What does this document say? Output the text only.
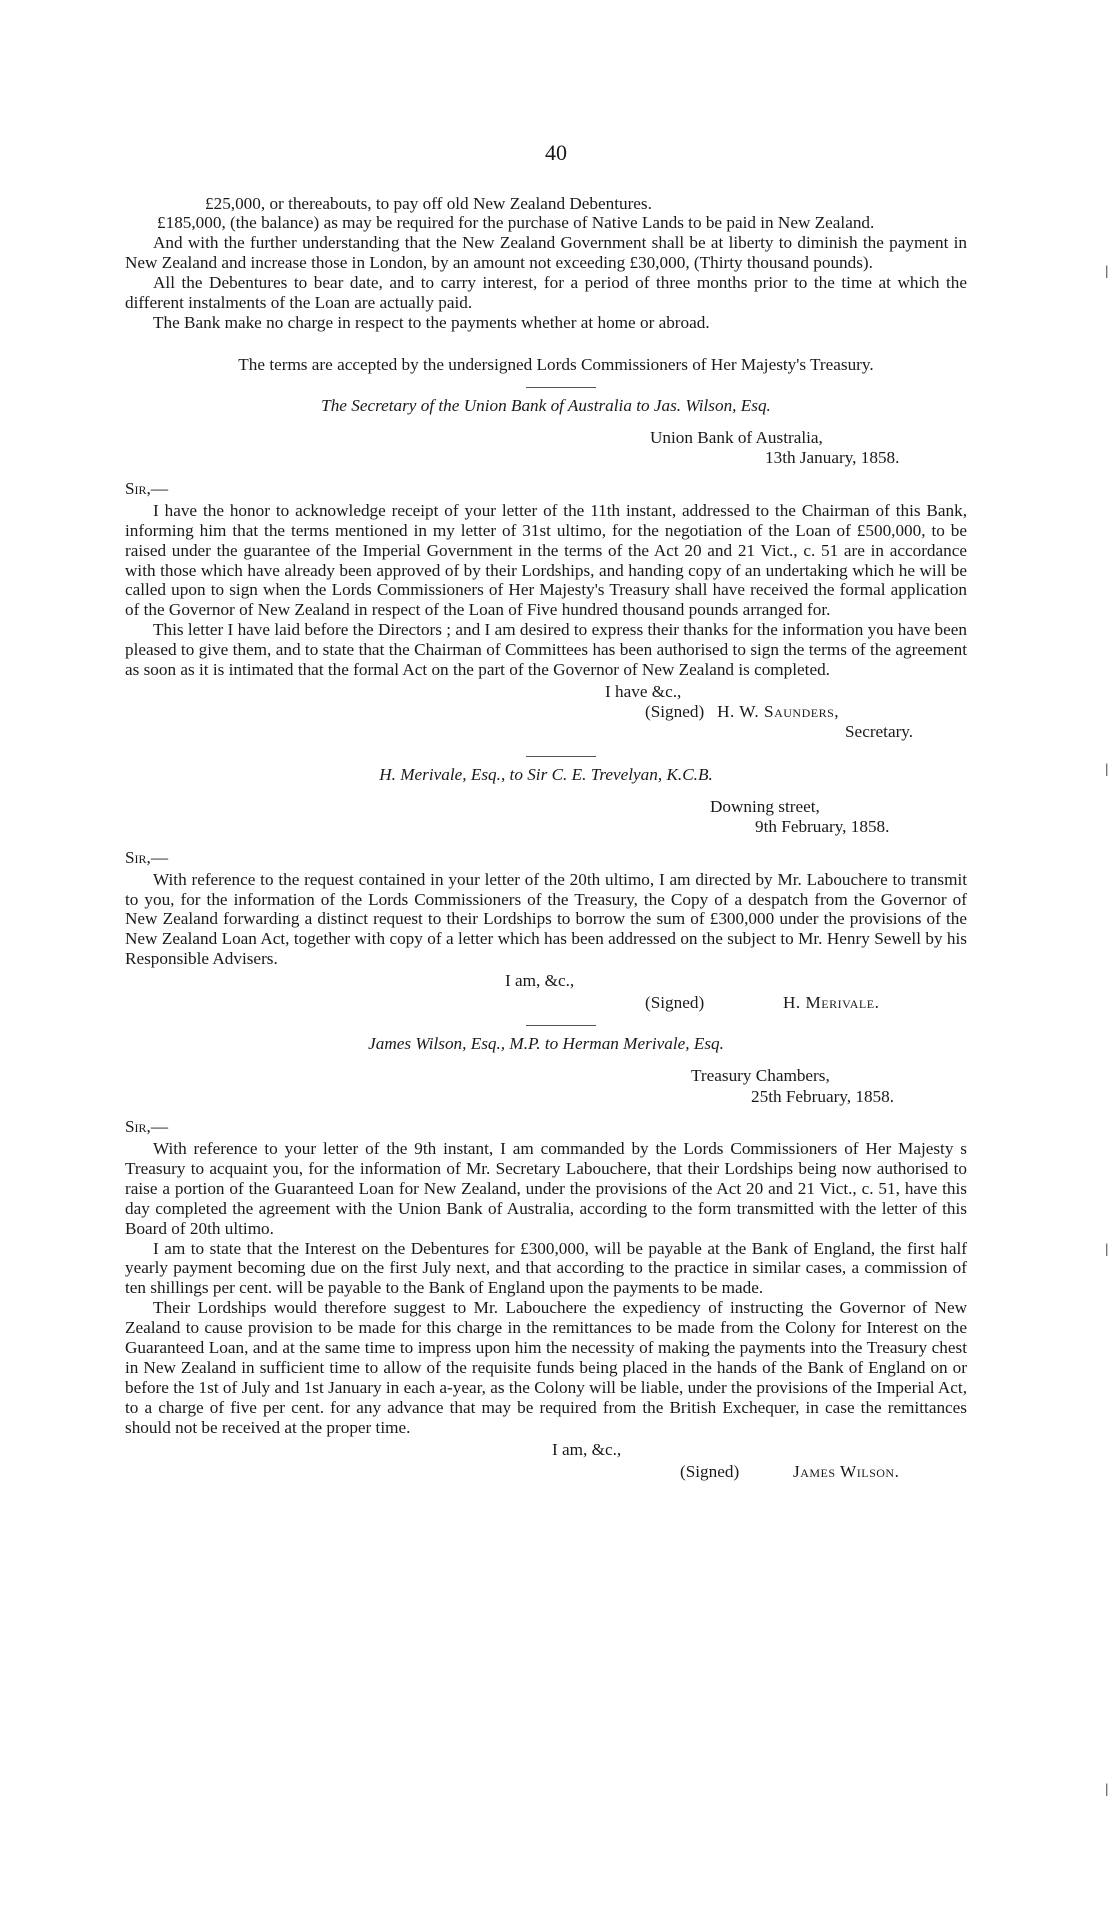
40

£25,000, or thereabouts, to pay off old New Zealand Debentures.

£185,000, (the balance) as may be required for the purchase of Native Lands to be paid in New Zealand.

And with the further understanding that the New Zealand Government shall be at liberty to diminish the payment in New Zealand and increase those in London, by an amount not exceeding £30,000, (Thirty thousand pounds).

All the Debentures to bear date, and to carry interest, for a period of three months prior to the time at which the different instalments of the Loan are actually paid.

The Bank make no charge in respect to the payments whether at home or abroad.

The terms are accepted by the undersigned Lords Commissioners of Her Majesty's Treasury.

The Secretary of the Union Bank of Australia to Jas. Wilson, Esq.
Union Bank of Australia,
13th January, 1858.
Sir,—

I have the honor to acknowledge receipt of your letter of the 11th instant, addressed to the Chairman of this Bank, informing him that the terms mentioned in my letter of 31st ultimo, for the negotiation of the Loan of £500,000, to be raised under the guarantee of the Imperial Government in the terms of the Act 20 and 21 Vict., c. 51 are in accordance with those which have already been approved of by their Lordships, and handing copy of an undertaking which he will be called upon to sign when the Lords Commissioners of Her Majesty's Treasury shall have received the formal application of the Governor of New Zealand in respect of the Loan of Five hundred thousand pounds arranged for.

This letter I have laid before the Directors ; and I am desired to express their thanks for the information you have been pleased to give them, and to state that the Chairman of Committees has been authorised to sign the terms of the agreement as soon as it is intimated that the formal Act on the part of the Governor of New Zealand is completed.

I have &c.,
(Signed) H. W. Saunders,
Secretary.
H. Merivale, Esq., to Sir C. E. Trevelyan, K.C.B.
Downing street,
9th February, 1858.
Sir,—

With reference to the request contained in your letter of the 20th ultimo, I am directed by Mr. Labouchere to transmit to you, for the information of the Lords Commissioners of the Treasury, the Copy of a despatch from the Governor of New Zealand forwarding a distinct request to their Lordships to borrow the sum of £300,000 under the provisions of the New Zealand Loan Act, together with copy of a letter which has been addressed on the subject to Mr. Henry Sewell by his Responsible Advisers.

I am, &c.,
(Signed)	H. Merivale.
James Wilson, Esq., M.P. to Herman Merivale, Esq.
Treasury Chambers,
25th February, 1858.
Sir,—

With reference to your letter of the 9th instant, I am commanded by the Lords Commissioners of Her Majesty s Treasury to acquaint you, for the information of Mr. Secretary Labouchere, that their Lordships being now authorised to raise a portion of the Guaranteed Loan for New Zealand, under the provisions of the Act 20 and 21 Vict., c. 51, have this day completed the agreement with the Union Bank of Australia, according to the form transmitted with the letter of this Board of 20th ultimo.

I am to state that the Interest on the Debentures for £300,000, will be payable at the Bank of England, the first half yearly payment becoming due on the first July next, and that according to the practice in similar cases, a commission of ten shillings per cent. will be payable to the Bank of England upon the payments to be made.

Their Lordships would therefore suggest to Mr. Labouchere the expediency of instructing the Governor of New Zealand to cause provision to be made for this charge in the remittances to be made from the Colony for Interest on the Guaranteed Loan, and at the same time to impress upon him the necessity of making the payments into the Treasury chest in New Zealand in sufficient time to allow of the requisite funds being placed in the hands of the Bank of England on or before the 1st of July and 1st January in each a-year, as the Colony will be liable, under the provisions of the Imperial Act, to a charge of five per cent. for any advance that may be required from the British Exchequer, in case the remittances should not be received at the proper time.

I am, &c.,
(Signed)	James Wilson.
ǀ
ǀ
ǀ
ǀ
